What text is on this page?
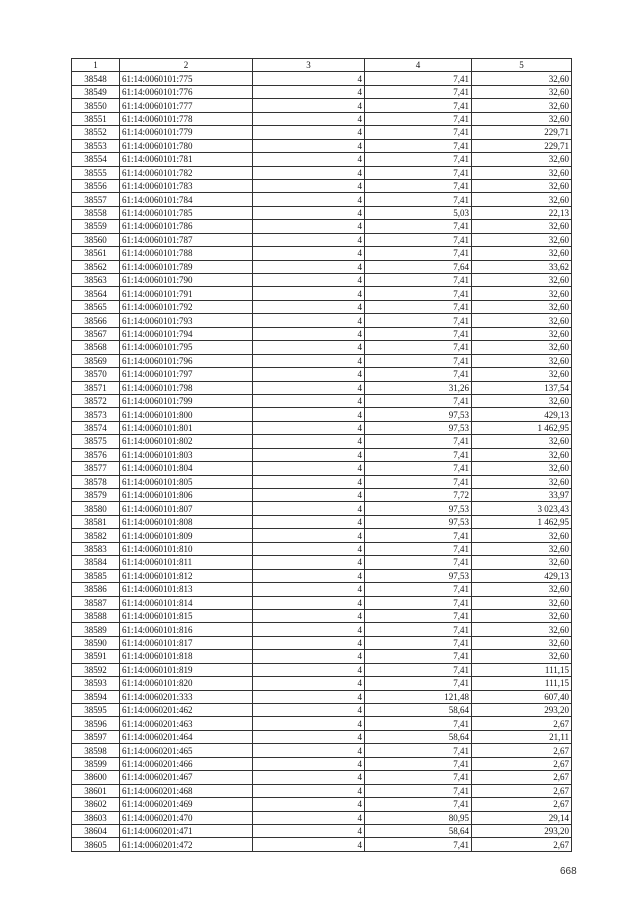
1	2	3	4	5
38548	61:14:0060101:775	4	7,41	32,60
38549	61:14:0060101:776	4	7,41	32,60
38550	61:14:0060101:777	4	7,41	32,60
38551	61:14:0060101:778	4	7,41	32,60
38552	61:14:0060101:779	4	7,41	229,71
38553	61:14:0060101:780	4	7,41	229,71
38554	61:14:0060101:781	4	7,41	32,60
38555	61:14:0060101:782	4	7,41	32,60
38556	61:14:0060101:783	4	7,41	32,60
38557	61:14:0060101:784	4	7,41	32,60
38558	61:14:0060101:785	4	5,03	22,13
38559	61:14:0060101:786	4	7,41	32,60
38560	61:14:0060101:787	4	7,41	32,60
38561	61:14:0060101:788	4	7,41	32,60
38562	61:14:0060101:789	4	7,64	33,62
38563	61:14:0060101:790	4	7,41	32,60
38564	61:14:0060101:791	4	7,41	32,60
38565	61:14:0060101:792	4	7,41	32,60
38566	61:14:0060101:793	4	7,41	32,60
38567	61:14:0060101:794	4	7,41	32,60
38568	61:14:0060101:795	4	7,41	32,60
38569	61:14:0060101:796	4	7,41	32,60
38570	61:14:0060101:797	4	7,41	32,60
38571	61:14:0060101:798	4	31,26	137,54
38572	61:14:0060101:799	4	7,41	32,60
38573	61:14:0060101:800	4	97,53	429,13
38574	61:14:0060101:801	4	97,53	1 462,95
38575	61:14:0060101:802	4	7,41	32,60
38576	61:14:0060101:803	4	7,41	32,60
38577	61:14:0060101:804	4	7,41	32,60
38578	61:14:0060101:805	4	7,41	32,60
38579	61:14:0060101:806	4	7,72	33,97
38580	61:14:0060101:807	4	97,53	3 023,43
38581	61:14:0060101:808	4	97,53	1 462,95
38582	61:14:0060101:809	4	7,41	32,60
38583	61:14:0060101:810	4	7,41	32,60
38584	61:14:0060101:811	4	7,41	32,60
38585	61:14:0060101:812	4	97,53	429,13
38586	61:14:0060101:813	4	7,41	32,60
38587	61:14:0060101:814	4	7,41	32,60
38588	61:14:0060101:815	4	7,41	32,60
38589	61:14:0060101:816	4	7,41	32,60
38590	61:14:0060101:817	4	7,41	32,60
38591	61:14:0060101:818	4	7,41	32,60
38592	61:14:0060101:819	4	7,41	111,15
38593	61:14:0060101:820	4	7,41	111,15
38594	61:14:0060201:333	4	121,48	607,40
38595	61:14:0060201:462	4	58,64	293,20
38596	61:14:0060201:463	4	7,41	2,67
38597	61:14:0060201:464	4	58,64	21,11
38598	61:14:0060201:465	4	7,41	2,67
38599	61:14:0060201:466	4	7,41	2,67
38600	61:14:0060201:467	4	7,41	2,67
38601	61:14:0060201:468	4	7,41	2,67
38602	61:14:0060201:469	4	7,41	2,67
38603	61:14:0060201:470	4	80,95	29,14
38604	61:14:0060201:471	4	58,64	293,20
38605	61:14:0060201:472	4	7,41	2,67
668
